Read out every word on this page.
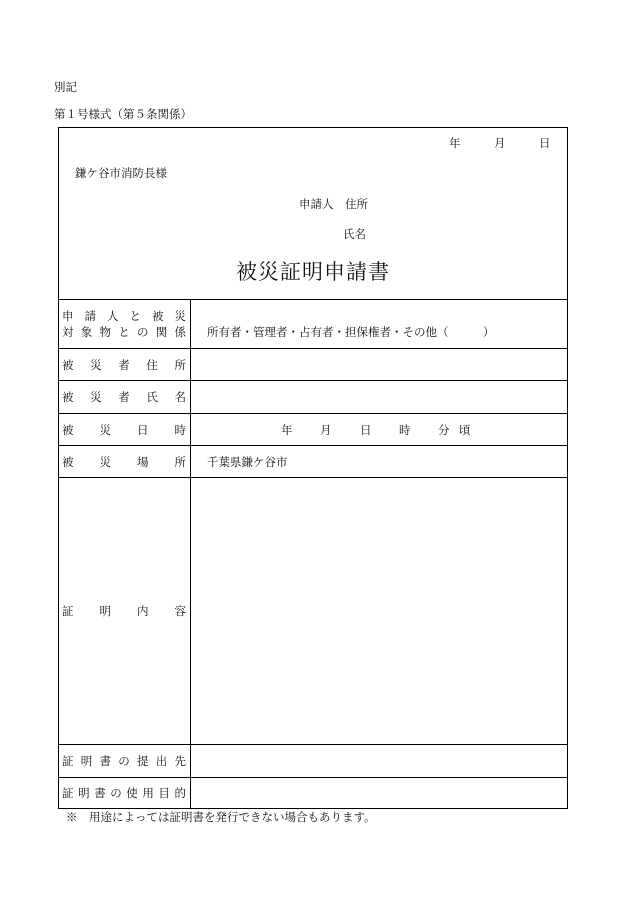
別記
第１号様式（第５条関係）
年	月	日
鎌ケ谷市消防長様
申請人　住所
氏名
被災証明申請書
申請人と被災
対象物との関係 所有者・管理者・占有者・担保権者・その他（　　　）
被災者住所
被災者氏名
被災日時	年 月 日 時 分 頃
被災場所 千葉県鎌ケ谷市
証明内容
証明書の提出先
証明書の使用目的
※　用途によっては証明書を発行できない場合もあります。
